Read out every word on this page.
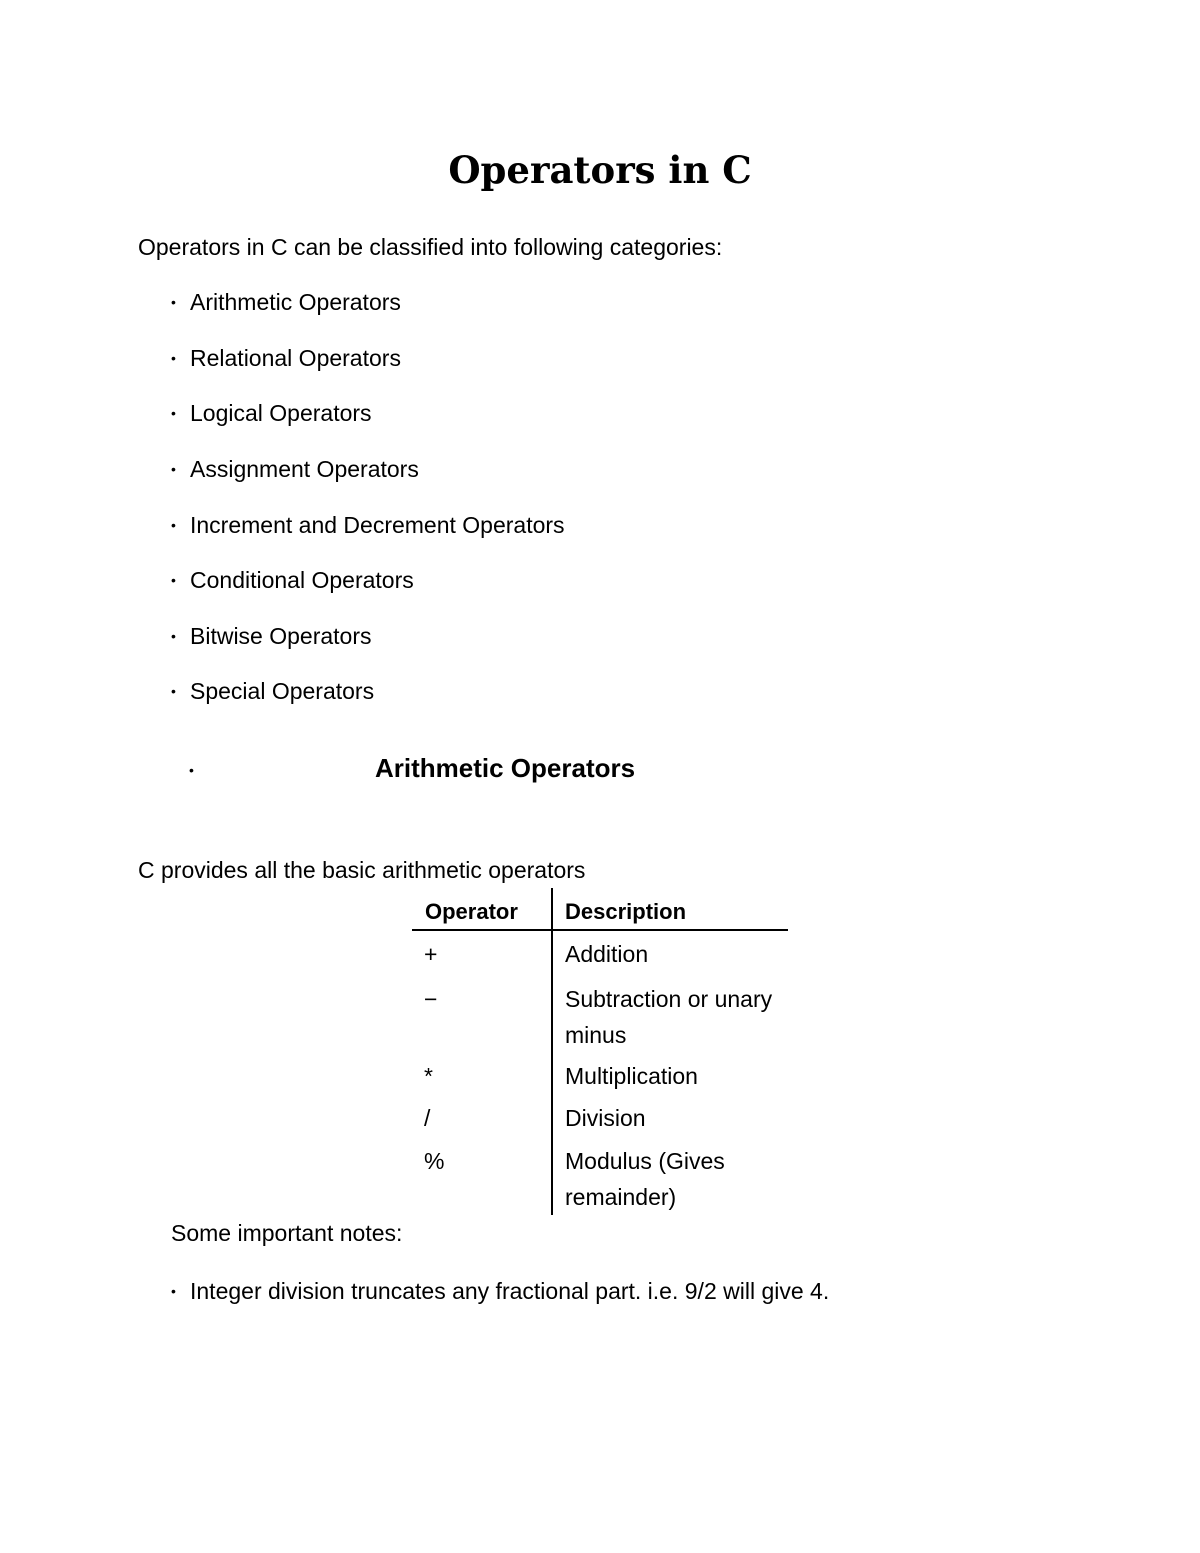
Operators in C

Operators in C can be classified into following categories:

• Arithmetic Operators
• Relational Operators
• Logical Operators
• Assignment Operators
• Increment and Decrement Operators
• Conditional Operators
• Bitwise Operators
• Special Operators
•	Arithmetic Operators

C provides all the basic arithmetic operators

Operator Description
+	Addition
−	Subtraction or unary minus
*	Multiplication
/	Division
%	Modulus (Gives remainder)

Some important notes:

• Integer division truncates any fractional part. i.e. 9/2 will give 4.
